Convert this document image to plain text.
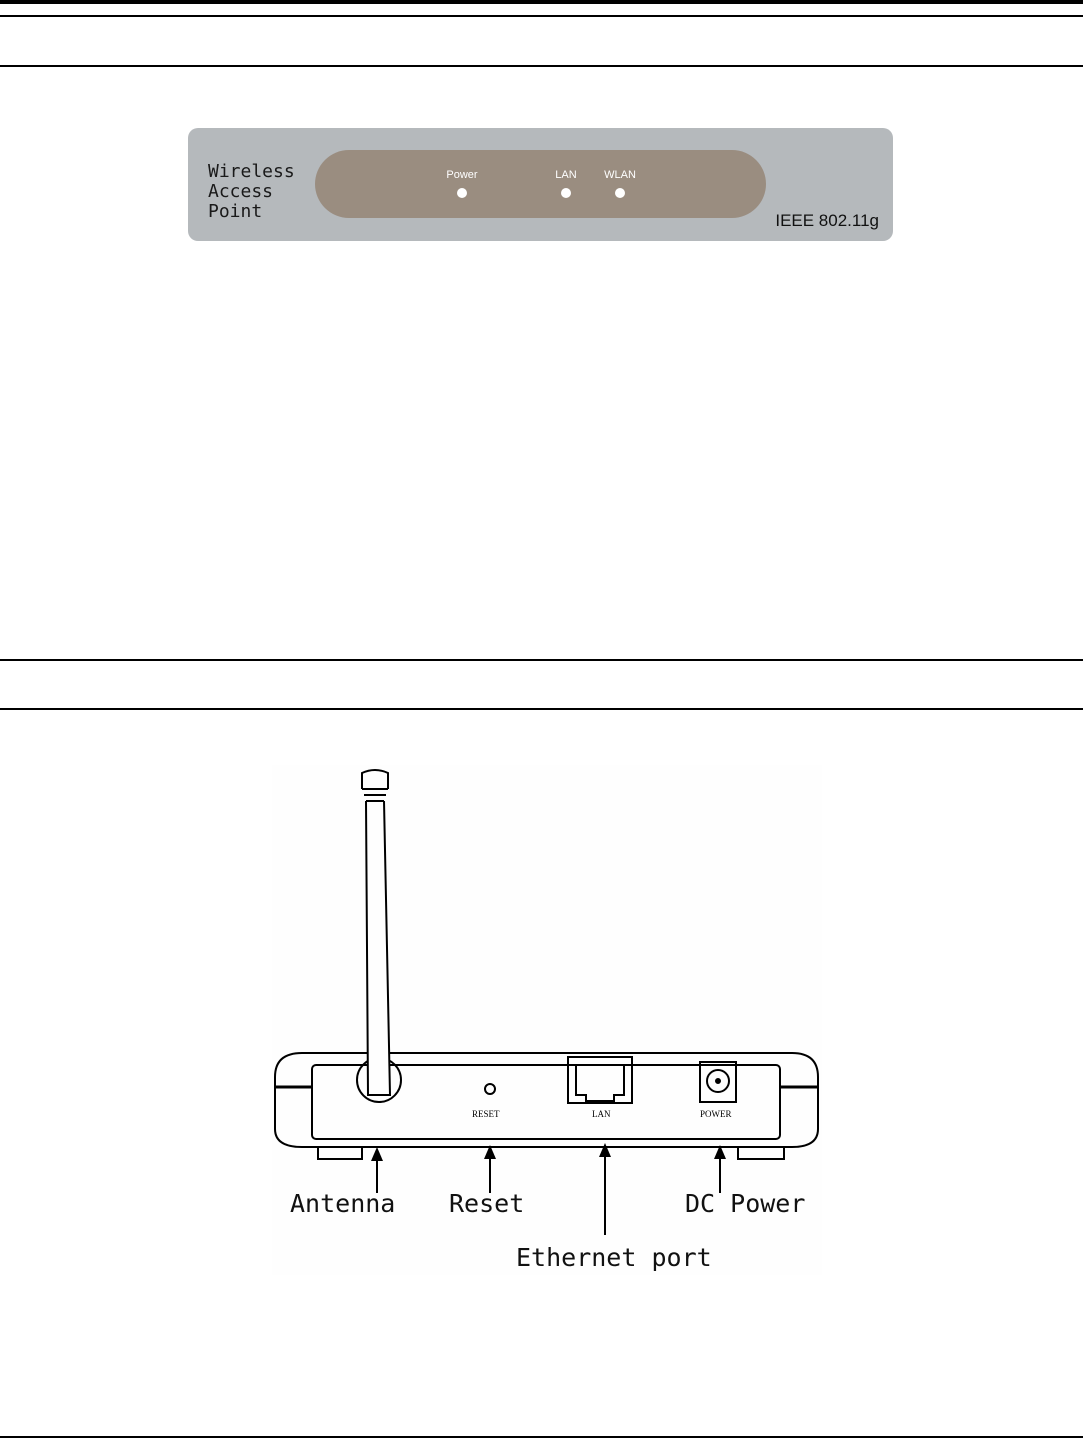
Wireless
Access
Point
Power	LAN WLAN
IEEE 802.11g
RESET	LAN	POWER
Antenna Reset
Ethernet port
DC Power
